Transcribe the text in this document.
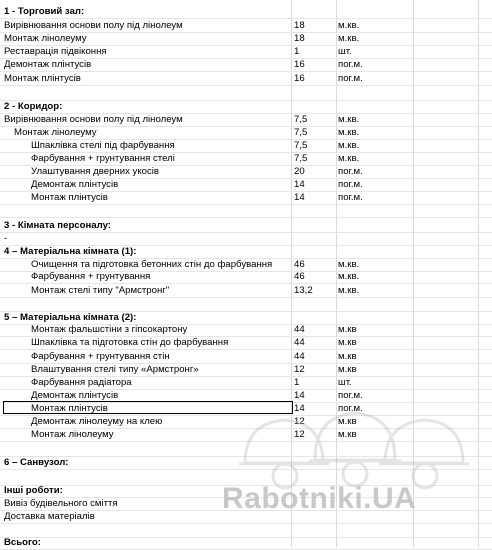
1 - Торговий зал:
Вирівнювання основи полу під лінолеум	18	м.кв.
Монтаж лінолеуму	18	м.кв.
Реставрація підвіконня	1	шт.
Демонтаж плінтусів	16	пог.м.
Монтаж плінтусів	16	пог.м.
2 - Коридор:
Вирівнювання основи полу під лінолеум	7,5	м.кв.
Монтаж лінолеуму	7,5	м.кв.
Шпаклівка стелі під фарбування	7,5	м.кв.
Фарбування + грунтування стелі	7,5	м.кв.
Улаштування дверних укосів	20	пог.м.
Демонтаж плінтусів	14	пог.м.
Монтаж плінтусів	14	пог.м.
3 - Кімната персоналу:
-
4 – Матеріальна кімната (1):
Очищення та підготовка бетонних стін до фарбування 46	м.кв.
Фарбування + грунтування	46	м.кв.
Монтаж стелі типу "Армстронг"	13,2	м.кв.
5 – Матеріальна кімната (2):
Монтаж фальшстіни з гіпсокартону	44	м.кв
Шпаклівка та підготовка стін до фарбування	44	м.кв
Фарбування + грунтування стін	44	м.кв
Влаштування стелі типу «Армстронг»	12	м.кв
Фарбування радіатора	1	шт.
Демонтаж плінтусів	14	пог.м.
Монтаж плінтусів	14	пог.м.
Демонтаж лінолеуму на клею	12	м.кв
Монтаж лінолеуму	12	м.кв
6 – Санвузол:
Інші роботи:
Вивіз будівельного сміття
Доставка матеріалів
Всього:
Rabotniki.UA
